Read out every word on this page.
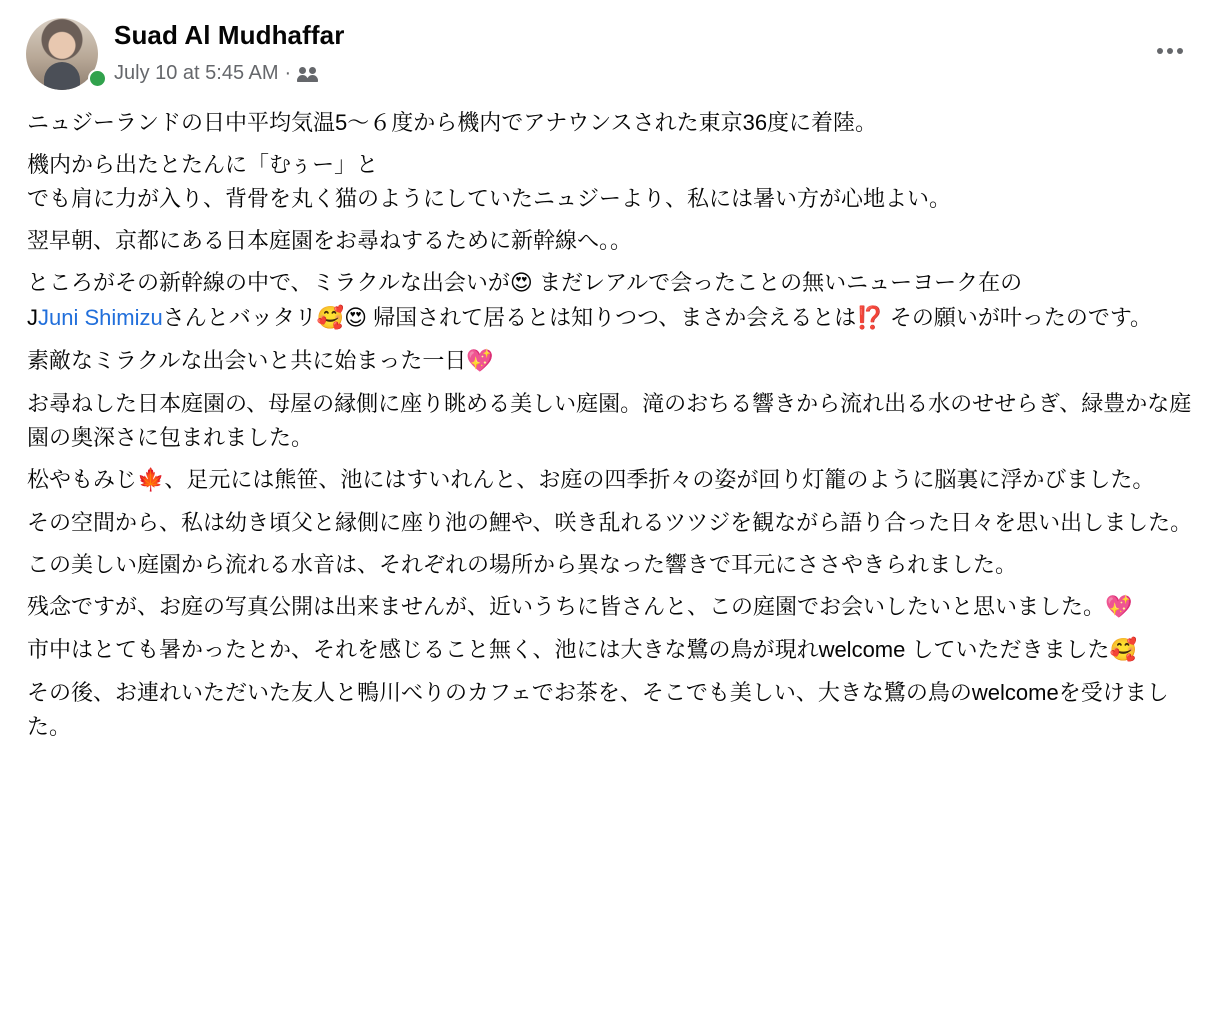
Suad Al Mudhaffar
July 10 at 5:45 AM ·

ニュジーランドの日中平均気温5〜６度から機内でアナウンスされた東京36度に着陸。

機内から出たとたんに「むぅー」と
でも肩に力が入り、背骨を丸く猫のようにしていたニュジーより、私には暑い方が心地よい。

翌早朝、京都にある日本庭園をお尋ねするために新幹線へ。。

ところがその新幹線の中で、ミラクルな出会いが😍 まだレアルで会ったことの無いニューヨーク在の
JJuni Shimizuさんとバッタリ🥰😍 帰国されて居るとは知りつつ、まさか会えるとは⁉️ その願いが叶ったのです。

素敵なミラクルな出会いと共に始まった一日💖

お尋ねした日本庭園の、母屋の縁側に座り眺める美しい庭園。滝のおちる響きから流れ出る水のせせらぎ、緑豊かな庭園の奥深さに包まれました。

松やもみじ🍁、足元には熊笹、池にはすいれんと、お庭の四季折々の姿が回り灯籠のように脳裏に浮かびました。

その空間から、私は幼き頃父と縁側に座り池の鯉や、咲き乱れるツツジを観ながら語り合った日々を思い出しました。

この美しい庭園から流れる水音は、それぞれの場所から異なった響きで耳元にささやきられました。

残念ですが、お庭の写真公開は出来ませんが、近いうちに皆さんと、この庭園でお会いしたいと思いました。💖

市中はとても暑かったとか、それを感じること無く、池には大きな鷺の鳥が現れwelcome していただきました🥰

その後、お連れいただいた友人と鴨川べりのカフェでお茶を、そこでも美しい、大きな鷺の鳥のwelcomeを受けました。
